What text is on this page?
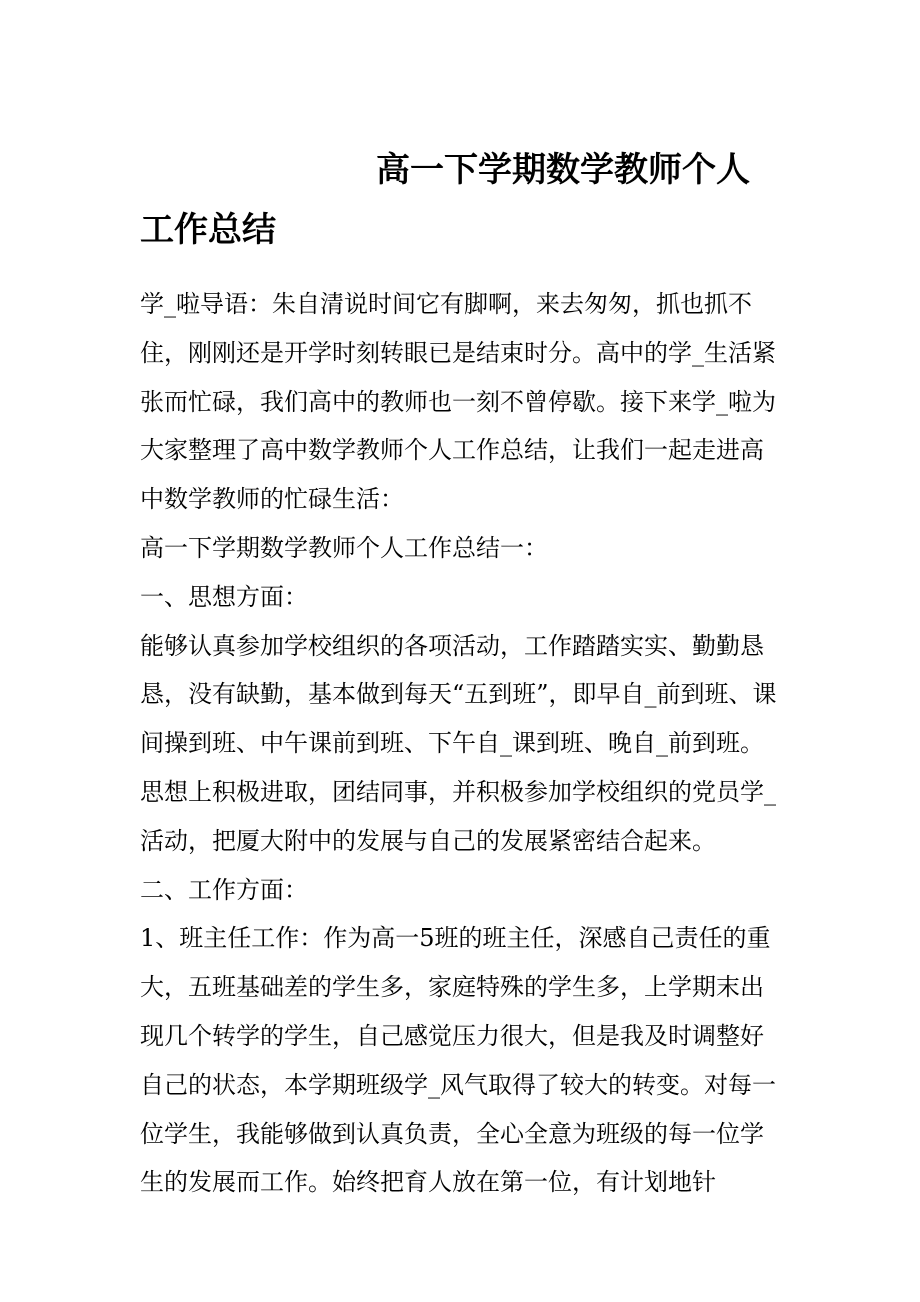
高一下学期数学教师个人
工作总结

学_啦导语：朱自清说时间它有脚啊，来去匆匆，抓也抓不住，刚刚还是开学时刻转眼已是结束时分。高中的学_生活紧张而忙碌，我们高中的教师也一刻不曾停歇。接下来学_啦为大家整理了高中数学教师个人工作总结，让我们一起走进高中数学教师的忙碌生活：

高一下学期数学教师个人工作总结一：

一、思想方面：

能够认真参加学校组织的各项活动，工作踏踏实实、勤勤恳恳，没有缺勤，基本做到每天“五到班”，即早自_前到班、课间操到班、中午课前到班、下午自_课到班、晚自_前到班。思想上积极进取，团结同事，并积极参加学校组织的党员学_活动，把厦大附中的发展与自己的发展紧密结合起来。

二、工作方面：

1、班主任工作：作为高一5班的班主任，深感自己责任的重大，五班基础差的学生多，家庭特殊的学生多，上学期末出现几个转学的学生，自己感觉压力很大，但是我及时调整好自己的状态，本学期班级学_风气取得了较大的转变。对每一位学生，我能够做到认真负责，全心全意为班级的每一位学生的发展而工作。始终把育人放在第一位，有计划地针
